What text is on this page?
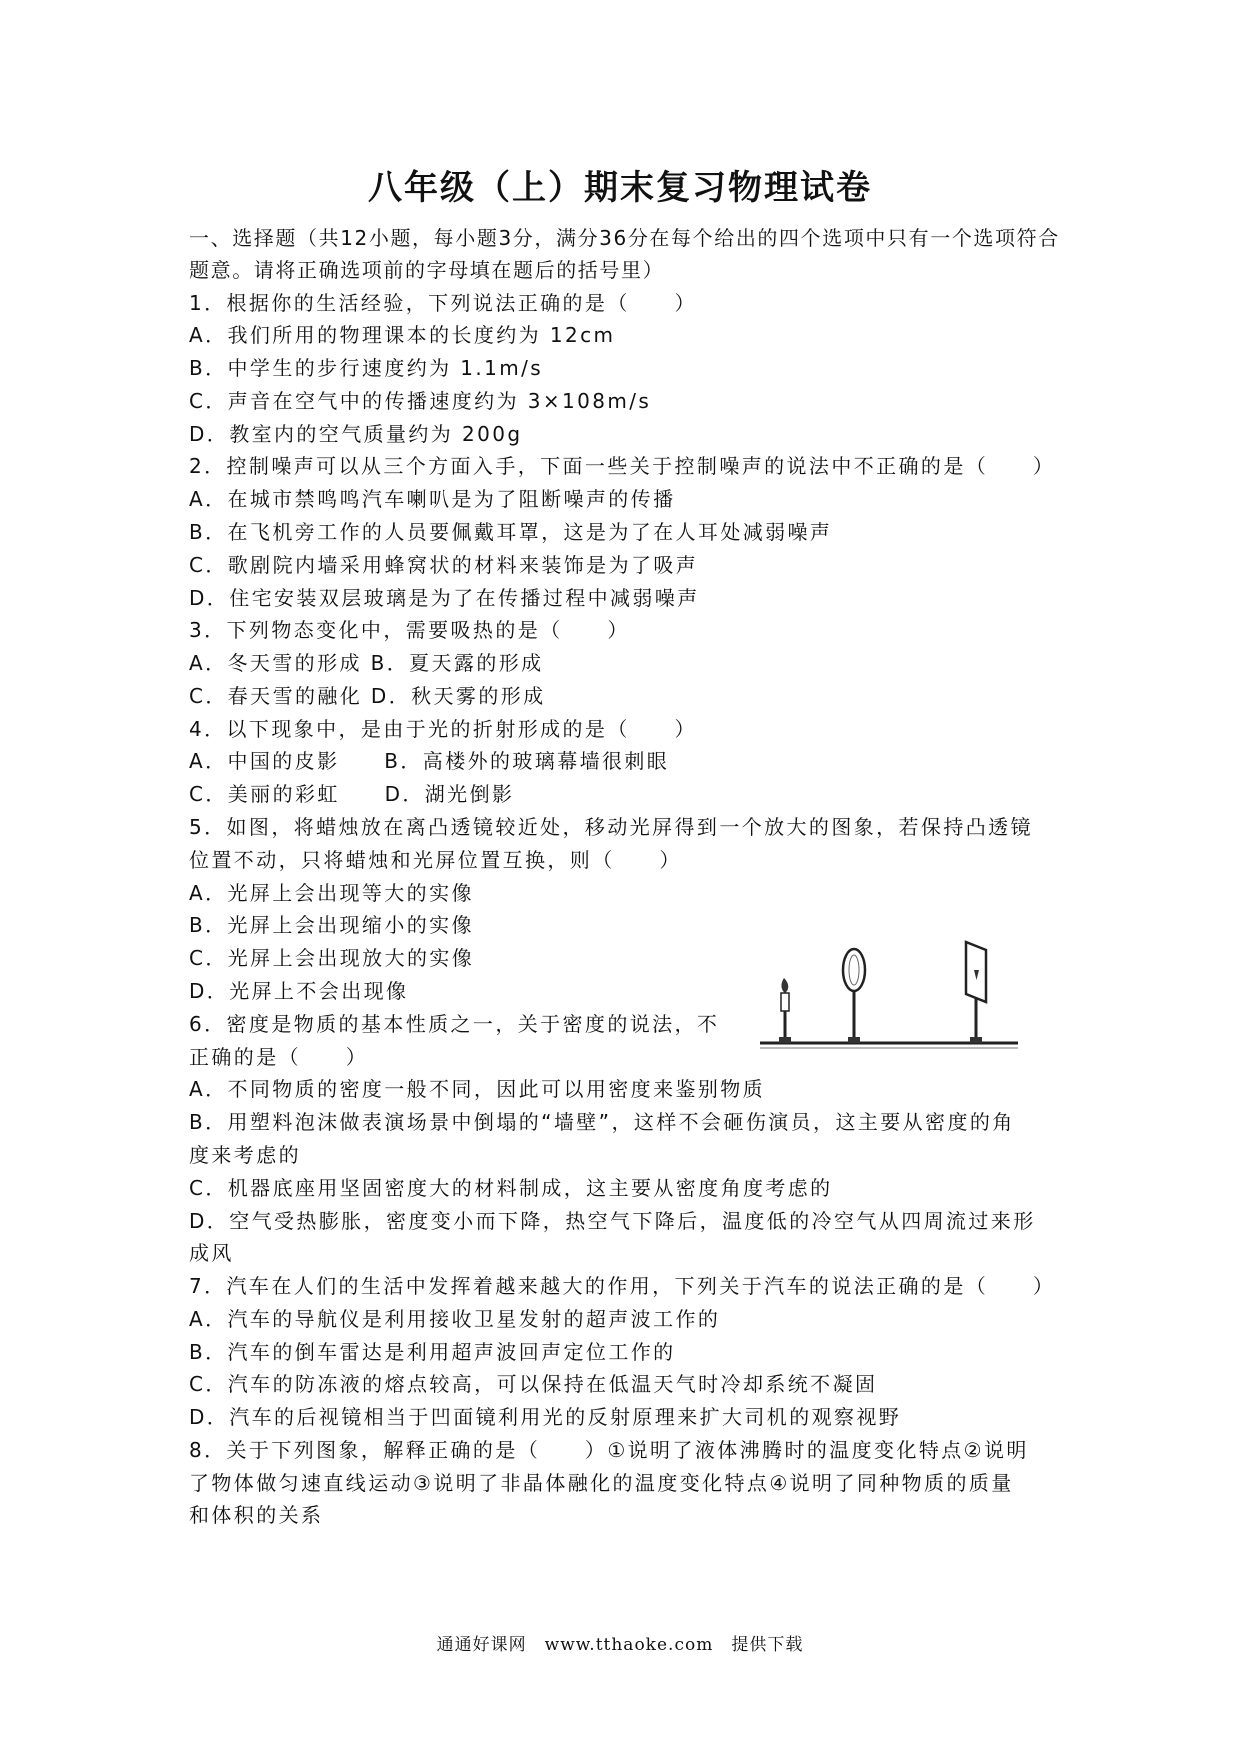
八年级（上）期末复习物理试卷
一、选择题（共12小题，每小题3分，满分36分在每个给出的四个选项中只有一个选项符合
题意。请将正确选项前的字母填在题后的括号里）
1．根据你的生活经验，下列说法正确的是（　　）
A．我们所用的物理课本的长度约为 12cm
B．中学生的步行速度约为 1.1m/s
C．声音在空气中的传播速度约为 3×108m/s
D．教室内的空气质量约为 200g
2．控制噪声可以从三个方面入手，下面一些关于控制噪声的说法中不正确的是（　　）
A．在城市禁鸣鸣汽车喇叭是为了阻断噪声的传播
B．在飞机旁工作的人员要佩戴耳罩，这是为了在人耳处减弱噪声
C．歌剧院内墙采用蜂窝状的材料来装饰是为了吸声
D．住宅安装双层玻璃是为了在传播过程中减弱噪声
3．下列物态变化中，需要吸热的是（　　）
A．冬天雪的形成 B．夏天露的形成
C．春天雪的融化 D．秋天雾的形成
4．以下现象中，是由于光的折射形成的是（　　）
A．中国的皮影　　B．高楼外的玻璃幕墙很刺眼
C．美丽的彩虹　　D．湖光倒影
5．如图，将蜡烛放在离凸透镜较近处，移动光屏得到一个放大的图象，若保持凸透镜
位置不动，只将蜡烛和光屏位置互换，则（　　）
A．光屏上会出现等大的实像
B．光屏上会出现缩小的实像
C．光屏上会出现放大的实像
D．光屏上不会出现像
6．密度是物质的基本性质之一，关于密度的说法，不
正确的是（　　）
A．不同物质的密度一般不同，因此可以用密度来鉴别物质
B．用塑料泡沫做表演场景中倒塌的“墙壁”，这样不会砸伤演员，这主要从密度的角
度来考虑的
C．机器底座用坚固密度大的材料制成，这主要从密度角度考虑的
D．空气受热膨胀，密度变小而下降，热空气下降后，温度低的冷空气从四周流过来形
成风
7．汽车在人们的生活中发挥着越来越大的作用，下列关于汽车的说法正确的是（　　）
A．汽车的导航仪是利用接收卫星发射的超声波工作的
B．汽车的倒车雷达是利用超声波回声定位工作的
C．汽车的防冻液的熔点较高，可以保持在低温天气时冷却系统不凝固
D．汽车的后视镜相当于凹面镜利用光的反射原理来扩大司机的观察视野
8．关于下列图象，解释正确的是（　　）①说明了液体沸腾时的温度变化特点②说明
了物体做匀速直线运动③说明了非晶体融化的温度变化特点④说明了同种物质的质量
和体积的关系
通通好课网　www.tthaoke.com　提供下载
